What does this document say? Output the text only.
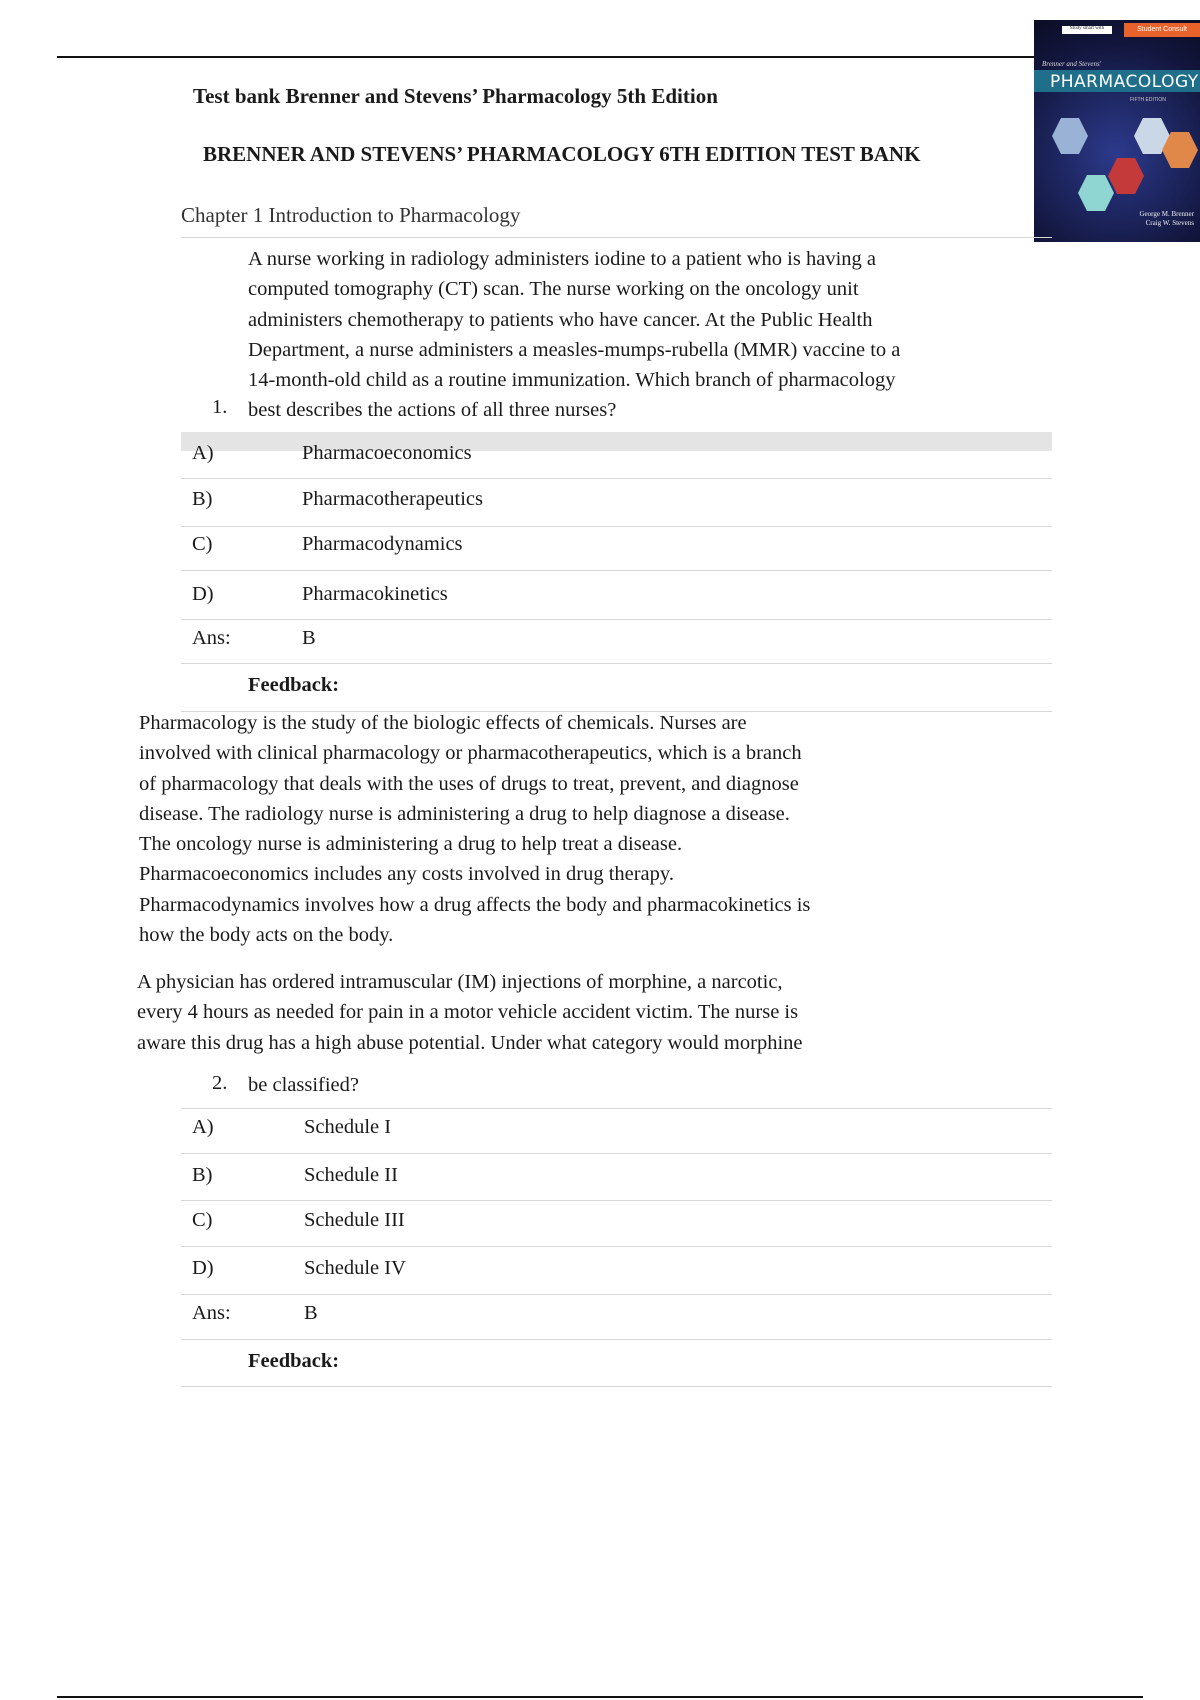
Study smart with	Student Consult
Brenner and Stevens'
PHARMACOLOGY
FIFTH EDITION
George M. Brenner
Craig W. Stevens
Test bank Brenner and Stevens’ Pharmacology 5th Edition
BRENNER AND STEVENS’ PHARMACOLOGY 6TH EDITION TEST BANK
Chapter 1 Introduction to Pharmacology
A nurse working in radiology administers iodine to a patient who is having a
computed tomography (CT) scan. The nurse working on the oncology unit
administers chemotherapy to patients who have cancer. At the Public Health
Department, a nurse administers a measles-mumps-rubella (MMR) vaccine to a
14-month-old child as a routine immunization. Which branch of pharmacology
best describes the actions of all three nurses?
1.
A)	Pharmacoeconomics
B)	Pharmacotherapeutics
C)	Pharmacodynamics
D)	Pharmacokinetics
Ans:	B
Feedback:
Pharmacology is the study of the biologic effects of chemicals. Nurses are
involved with clinical pharmacology or pharmacotherapeutics, which is a branch
of pharmacology that deals with the uses of drugs to treat, prevent, and diagnose
disease. The radiology nurse is administering a drug to help diagnose a disease.
The oncology nurse is administering a drug to help treat a disease.
Pharmacoeconomics includes any costs involved in drug therapy.
Pharmacodynamics involves how a drug affects the body and pharmacokinetics is
how the body acts on the body.
A physician has ordered intramuscular (IM) injections of morphine, a narcotic,
every 4 hours as needed for pain in a motor vehicle accident victim. The nurse is
aware this drug has a high abuse potential. Under what category would morphine
2. be classified?
A)	Schedule I
B)	Schedule II
C)	Schedule III
D)	Schedule IV
Ans:	B
Feedback:
